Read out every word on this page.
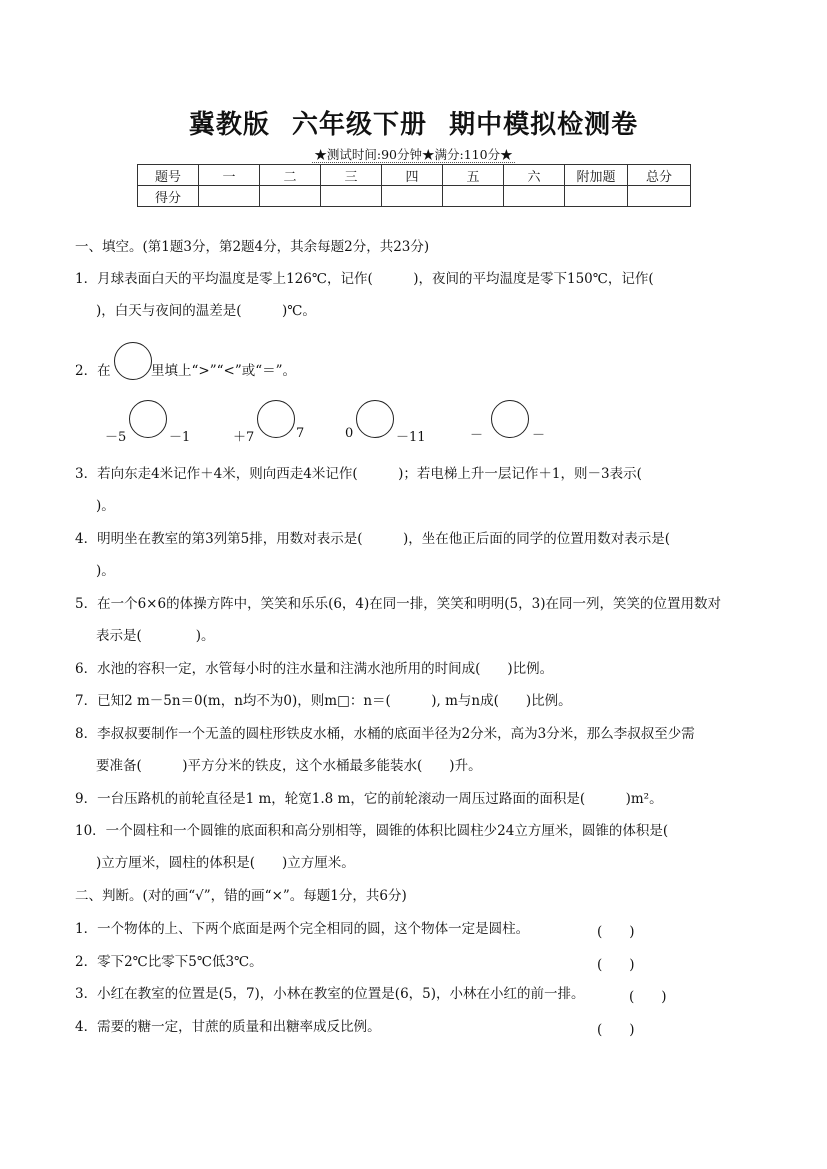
冀教版 六年级下册 期中模拟检测卷
★测试时间:90分钟★满分:110分★
题号	一	二	三	四	五	六	附加题	总分
得分								
一、填空。(第1题3分，第2题4分，其余每题2分，共23分)
1．月球表面白天的平均温度是零上126℃，记作(　　　)，夜间的平均温度是零下150℃，记作(
)，白天与夜间的温差是(　　　)℃。
2．在	里填上“>”“<”或“＝”。
－5	－1	＋7	7	0	－11	－	－
3．若向东走4米记作＋4米，则向西走4米记作(　　　)；若电梯上升一层记作＋1，则－3表示(
)。
4．明明坐在教室的第3列第5排，用数对表示是(　　　)，坐在他正后面的同学的位置用数对表示是(
)。
5．在一个6×6的体操方阵中，笑笑和乐乐(6，4)在同一排，笑笑和明明(5，3)在同一列，笑笑的位置用数对
表示是(　　　　)。
6．水池的容积一定，水管每小时的注水量和注满水池所用的时间成(　　)比例。
7．已知2 m－5n＝0(m，n均不为0)，则m□：n＝(　　　), m与n成(　　)比例。
8．李叔叔要制作一个无盖的圆柱形铁皮水桶，水桶的底面半径为2分米，高为3分米，那么李叔叔至少需
要准备(　　　)平方分米的铁皮，这个水桶最多能装水(　　)升。
9．一台压路机的前轮直径是1 m，轮宽1.8 m，它的前轮滚动一周压过路面的面积是(　　　)m²。
10．一个圆柱和一个圆锥的底面积和高分别相等，圆锥的体积比圆柱少24立方厘米，圆锥的体积是(
)立方厘米，圆柱的体积是(　　)立方厘米。
二、判断。(对的画“√”，错的画“×”。每题1分，共6分)
1．一个物体的上、下两个底面是两个完全相同的圆，这个物体一定是圆柱。	(　　)
2．零下2℃比零下5℃低3℃。	(　　)
3．小红在教室的位置是(5，7)，小林在教室的位置是(6，5)，小林在小红的前一排。	(　　)
4．需要的糖一定，甘蔗的质量和出糖率成反比例。	(　　)
